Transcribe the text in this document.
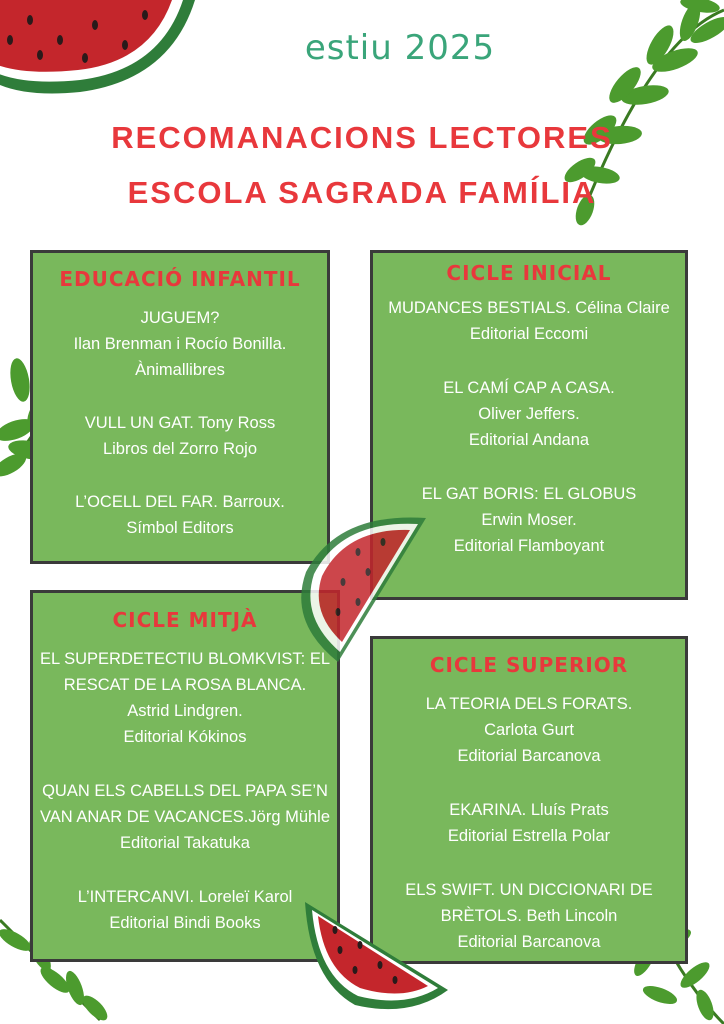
estiu 2025
RECOMANACIONS LECTORES
ESCOLA SAGRADA FAMÍLIA
EDUCACIÓ INFANTIL
JUGUEM?
Ilan Brenman i Rocío Bonilla.
Ànimallibres
VULL UN GAT. Tony Ross
Libros del Zorro Rojo
L’OCELL DEL FAR. Barroux.
Símbol Editors
CICLE INICIAL
MUDANCES BESTIALS. Célina Claire
Editorial Eccomi
EL CAMÍ CAP A CASA.
Oliver Jeffers.
Editorial Andana
EL GAT BORIS: EL GLOBUS
Erwin Moser.
Editorial Flamboyant
CICLE MITJÀ
EL SUPERDETECTIU BLOMKVIST: EL
RESCAT DE LA ROSA BLANCA.
Astrid Lindgren.
Editorial Kókinos
QUAN ELS CABELLS DEL PAPA SE’N
VAN ANAR DE VACANCES.Jörg Mühle
Editorial Takatuka
L’INTERCANVI. Loreleï Karol
Editorial Bindi Books
CICLE SUPERIOR
LA TEORIA DELS FORATS.
Carlota Gurt
Editorial Barcanova
EKARINA. Lluís Prats
Editorial Estrella Polar
ELS SWIFT. UN DICCIONARI DE
BRÈTOLS. Beth Lincoln
Editorial Barcanova
